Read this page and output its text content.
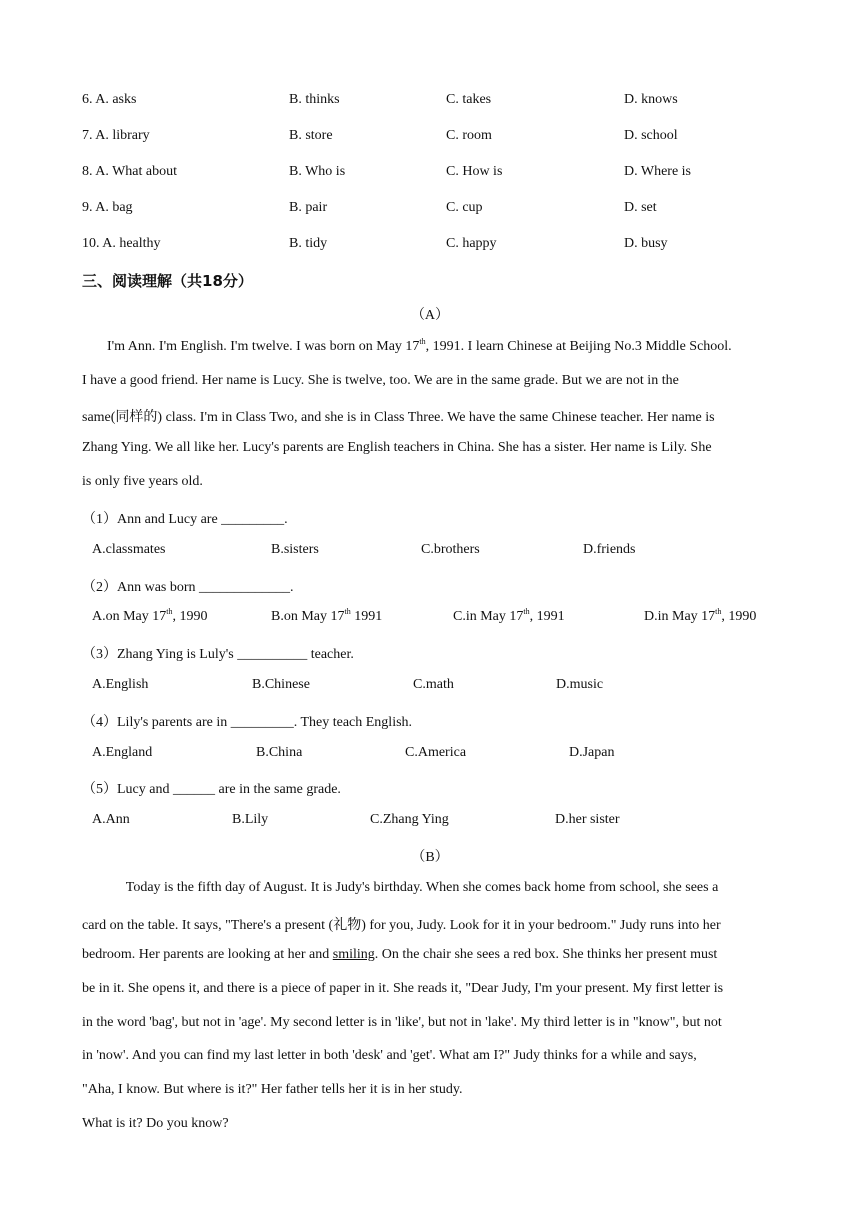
6. A. asks	B. thinks	C. takes	D. knows
7. A. library	B. store	C. room	D. school
8. A. What about	B. Who is	C. How is	D. Where is
9. A. bag	B. pair	C. cup	D. set
10. A. healthy	B. tidy	C. happy	D. busy
三、阅读理解（共18分）
（A）
I'm Ann. I'm English. I'm twelve. I was born on May 17th, 1991. I learn Chinese at Beijing No.3 Middle School.
I have a good friend. Her name is Lucy. She is twelve, too. We are in the same grade. But we are not in the
same(同样的) class. I'm in Class Two, and she is in Class Three. We have the same Chinese teacher. Her name is
Zhang Ying. We all like her. Lucy's parents are English teachers in China. She has a sister. Her name is Lily. She
is only five years old.
（1）Ann and Lucy are _________.
A.classmates	B.sisters	C.brothers	D.friends
（2）Ann was born _____________.
A.on May 17th, 1990	B.on May 17th 1991	C.in May 17th, 1991	D.in May 17th, 1990
（3）Zhang Ying is Luly's __________ teacher.
A.English	B.Chinese	C.math	D.music
（4）Lily's parents are in _________. They teach English.
A.England	B.China	C.America	D.Japan
（5）Lucy and ______ are in the same grade.
A.Ann	B.Lily	C.Zhang Ying	D.her sister
（B）
Today is the fifth day of August. It is Judy's birthday. When she comes back home from school, she sees a
card on the table. It says, "There's a present (礼物) for you, Judy. Look for it in your bedroom." Judy runs into her
bedroom. Her parents are looking at her and smiling. On the chair she sees a red box. She thinks her present must
be in it. She opens it, and there is a piece of paper in it. She reads it, "Dear Judy, I'm your present. My first letter is
in the word 'bag', but not in 'age'. My second letter is in 'like', but not in 'lake'. My third letter is in "know", but not
in 'now'. And you can find my last letter in both 'desk' and 'get'. What am I?" Judy thinks for a while and says,
"Aha, I know. But where is it?" Her father tells her it is in her study.
What is it? Do you know?
